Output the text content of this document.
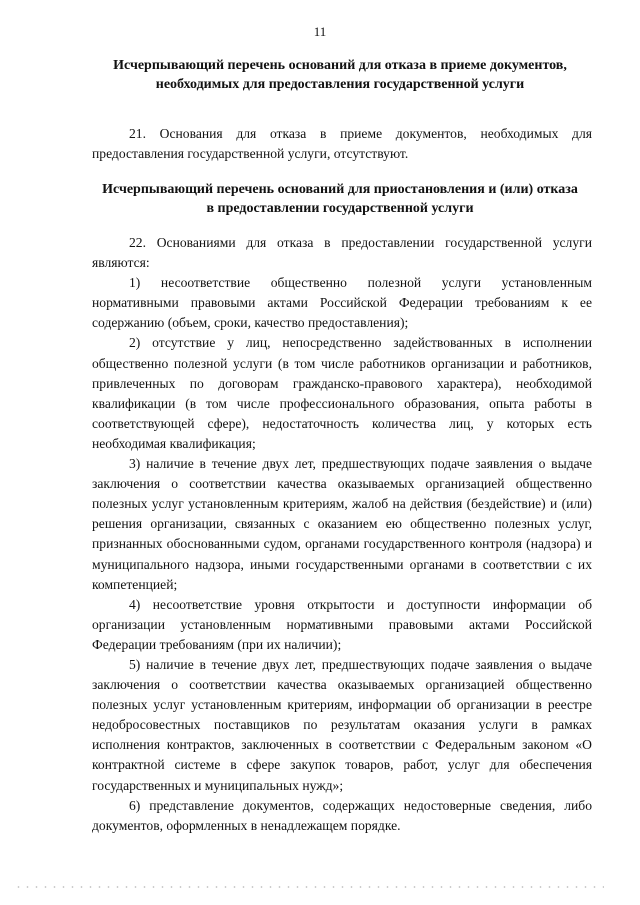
11
Исчерпывающий перечень оснований для отказа в приеме документов, необходимых для предоставления государственной услуги

21. Основания для отказа в приеме документов, необходимых для предоставления государственной услуги, отсутствуют.

Исчерпывающий перечень оснований для приостановления и (или) отказа в предоставлении государственной услуги

22. Основаниями для отказа в предоставлении государственной услуги являются:

1) несоответствие общественно полезной услуги установленным нормативными правовыми актами Российской Федерации требованиям к ее содержанию (объем, сроки, качество предоставления);

2) отсутствие у лиц, непосредственно задействованных в исполнении общественно полезной услуги (в том числе работников организации и работников, привлеченных по договорам гражданско-правового характера), необходимой квалификации (в том числе профессионального образования, опыта работы в соответствующей сфере), недостаточность количества лиц, у которых есть необходимая квалификация;

3) наличие в течение двух лет, предшествующих подаче заявления о выдаче заключения о соответствии качества оказываемых организацией общественно полезных услуг установленным критериям, жалоб на действия (бездействие) и (или) решения организации, связанных с оказанием ею общественно полезных услуг, признанных обоснованными судом, органами государственного контроля (надзора) и муниципального надзора, иными государственными органами в соответствии с их компетенцией;

4) несоответствие уровня открытости и доступности информации об организации установленным нормативными правовыми актами Российской Федерации требованиям (при их наличии);

5) наличие в течение двух лет, предшествующих подаче заявления о выдаче заключения о соответствии качества оказываемых организацией общественно полезных услуг установленным критериям, информации об организации в реестре недобросовестных поставщиков по результатам оказания услуги в рамках исполнения контрактов, заключенных в соответствии с Федеральным законом «О контрактной системе в сфере закупок товаров, работ, услуг для обеспечения государственных и муниципальных нужд»;

6) представление документов, содержащих недостоверные сведения, либо документов, оформленных в ненадлежащем порядке.
